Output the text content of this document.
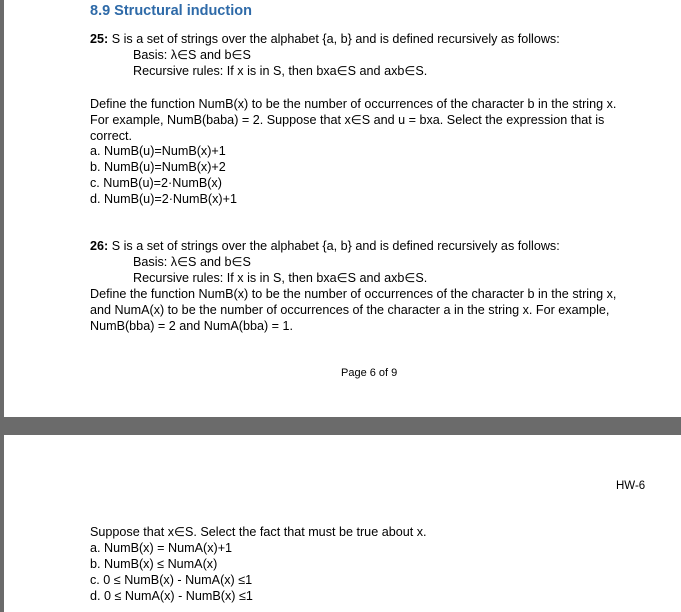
8.9 Structural induction
25: S is a set of strings over the alphabet {a, b} and is defined recursively as follows:
Basis: λ∈S and b∈S
Recursive rules: If x is in S, then bxa∈S and axb∈S.
Define the function NumB(x) to be the number of occurrences of the character b in the string x.
For example, NumB(baba) = 2. Suppose that x∈S and u = bxa. Select the expression that is
correct.
a. NumB(u)=NumB(x)+1
b. NumB(u)=NumB(x)+2
c. NumB(u)=2·NumB(x)
d. NumB(u)=2·NumB(x)+1
26: S is a set of strings over the alphabet {a, b} and is defined recursively as follows:
Basis: λ∈S and b∈S
Recursive rules: If x is in S, then bxa∈S and axb∈S.
Define the function NumB(x) to be the number of occurrences of the character b in the string x,
and NumA(x) to be the number of occurrences of the character a in the string x. For example,
NumB(bba) = 2 and NumA(bba) = 1.
Page 6 of 9
HW-6
Suppose that x∈S. Select the fact that must be true about x.
a. NumB(x) = NumA(x)+1
b. NumB(x) ≤ NumA(x)
c. 0 ≤ NumB(x) - NumA(x) ≤1
d. 0 ≤ NumA(x) - NumB(x) ≤1
